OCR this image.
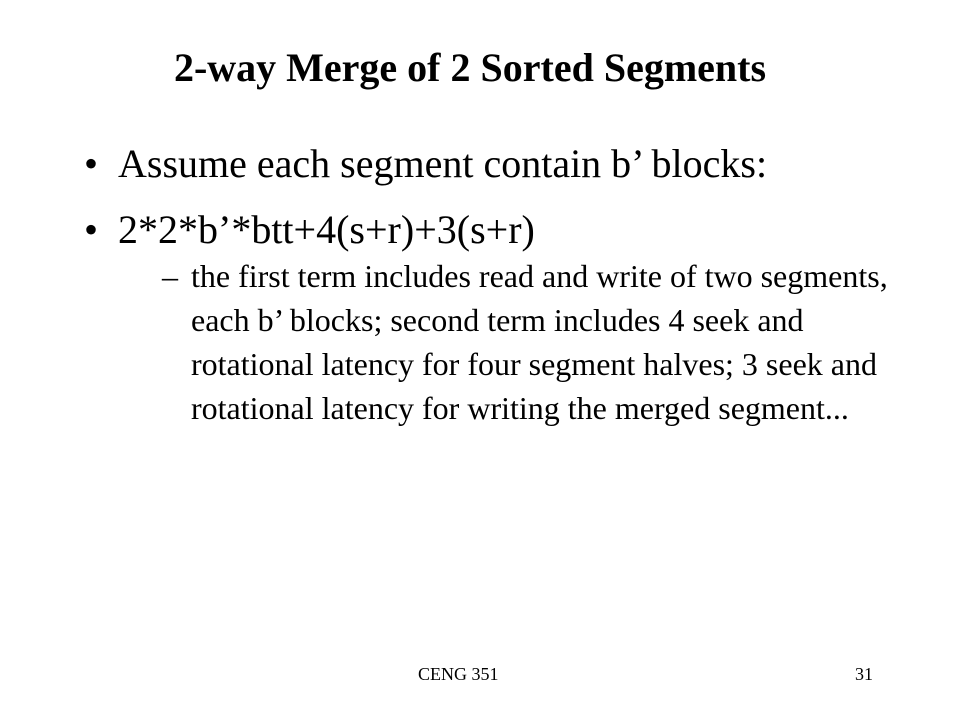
2-way Merge of 2 Sorted Segments
• Assume each segment contain b’ blocks:
• 2*2*b’*btt+4(s+r)+3(s+r)
– the first term includes read and write of two segments, each b’ blocks; second term includes 4 seek and rotational latency for four segment halves; 3 seek and rotational latency for writing the merged segment...
CENG 351	31
